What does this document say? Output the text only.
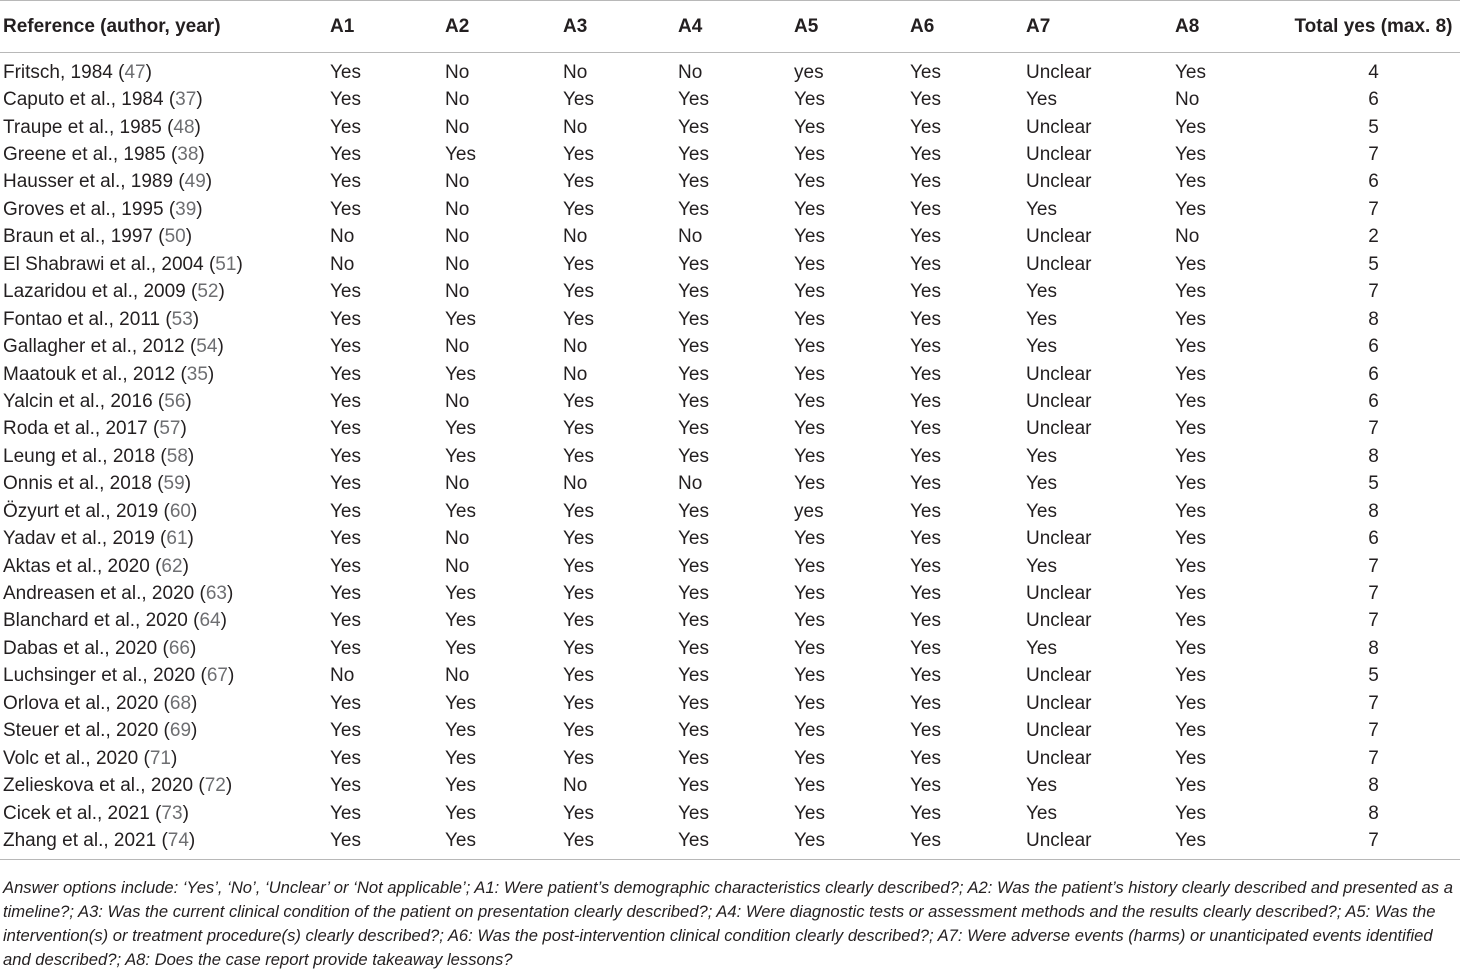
Reference (author, year)	A1	A2	A3	A4	A5	A6	A7	A8	Total yes (max. 8)
Fritsch, 1984 (47)	Yes	No	No	No	yes	Yes	Unclear	Yes	4
Caputo et al., 1984 (37)	Yes	No	Yes	Yes	Yes	Yes	Yes	No	6
Traupe et al., 1985 (48)	Yes	No	No	Yes	Yes	Yes	Unclear	Yes	5
Greene et al., 1985 (38)	Yes	Yes	Yes	Yes	Yes	Yes	Unclear	Yes	7
Hausser et al., 1989 (49)	Yes	No	Yes	Yes	Yes	Yes	Unclear	Yes	6
Groves et al., 1995 (39)	Yes	No	Yes	Yes	Yes	Yes	Yes	Yes	7
Braun et al., 1997 (50)	No	No	No	No	Yes	Yes	Unclear	No	2
El Shabrawi et al., 2004 (51)	No	No	Yes	Yes	Yes	Yes	Unclear	Yes	5
Lazaridou et al., 2009 (52)	Yes	No	Yes	Yes	Yes	Yes	Yes	Yes	7
Fontao et al., 2011 (53)	Yes	Yes	Yes	Yes	Yes	Yes	Yes	Yes	8
Gallagher et al., 2012 (54)	Yes	No	No	Yes	Yes	Yes	Yes	Yes	6
Maatouk et al., 2012 (35)	Yes	Yes	No	Yes	Yes	Yes	Unclear	Yes	6
Yalcin et al., 2016 (56)	Yes	No	Yes	Yes	Yes	Yes	Unclear	Yes	6
Roda et al., 2017 (57)	Yes	Yes	Yes	Yes	Yes	Yes	Unclear	Yes	7
Leung et al., 2018 (58)	Yes	Yes	Yes	Yes	Yes	Yes	Yes	Yes	8
Onnis et al., 2018 (59)	Yes	No	No	No	Yes	Yes	Yes	Yes	5
Özyurt et al., 2019 (60)	Yes	Yes	Yes	Yes	yes	Yes	Yes	Yes	8
Yadav et al., 2019 (61)	Yes	No	Yes	Yes	Yes	Yes	Unclear	Yes	6
Aktas et al., 2020 (62)	Yes	No	Yes	Yes	Yes	Yes	Yes	Yes	7
Andreasen et al., 2020 (63)	Yes	Yes	Yes	Yes	Yes	Yes	Unclear	Yes	7
Blanchard et al., 2020 (64)	Yes	Yes	Yes	Yes	Yes	Yes	Unclear	Yes	7
Dabas et al., 2020 (66)	Yes	Yes	Yes	Yes	Yes	Yes	Yes	Yes	8
Luchsinger et al., 2020 (67)	No	No	Yes	Yes	Yes	Yes	Unclear	Yes	5
Orlova et al., 2020 (68)	Yes	Yes	Yes	Yes	Yes	Yes	Unclear	Yes	7
Steuer et al., 2020 (69)	Yes	Yes	Yes	Yes	Yes	Yes	Unclear	Yes	7
Volc et al., 2020 (71)	Yes	Yes	Yes	Yes	Yes	Yes	Unclear	Yes	7
Zelieskova et al., 2020 (72)	Yes	Yes	No	Yes	Yes	Yes	Yes	Yes	8
Cicek et al., 2021 (73)	Yes	Yes	Yes	Yes	Yes	Yes	Yes	Yes	8
Zhang et al., 2021 (74)	Yes	Yes	Yes	Yes	Yes	Yes	Unclear	Yes	7
Answer options include: ‘Yes’, ‘No’, ‘Unclear’ or ‘Not applicable’; A1: Were patient’s demographic characteristics clearly described?; A2: Was the patient’s history clearly described and presented as a timeline?; A3: Was the current clinical condition of the patient on presentation clearly described?; A4: Were diagnostic tests or assessment methods and the results clearly described?; A5: Was the intervention(s) or treatment procedure(s) clearly described?; A6: Was the post-intervention clinical condition clearly described?; A7: Were adverse events (harms) or unanticipated events identified and described?; A8: Does the case report provide takeaway lessons?
